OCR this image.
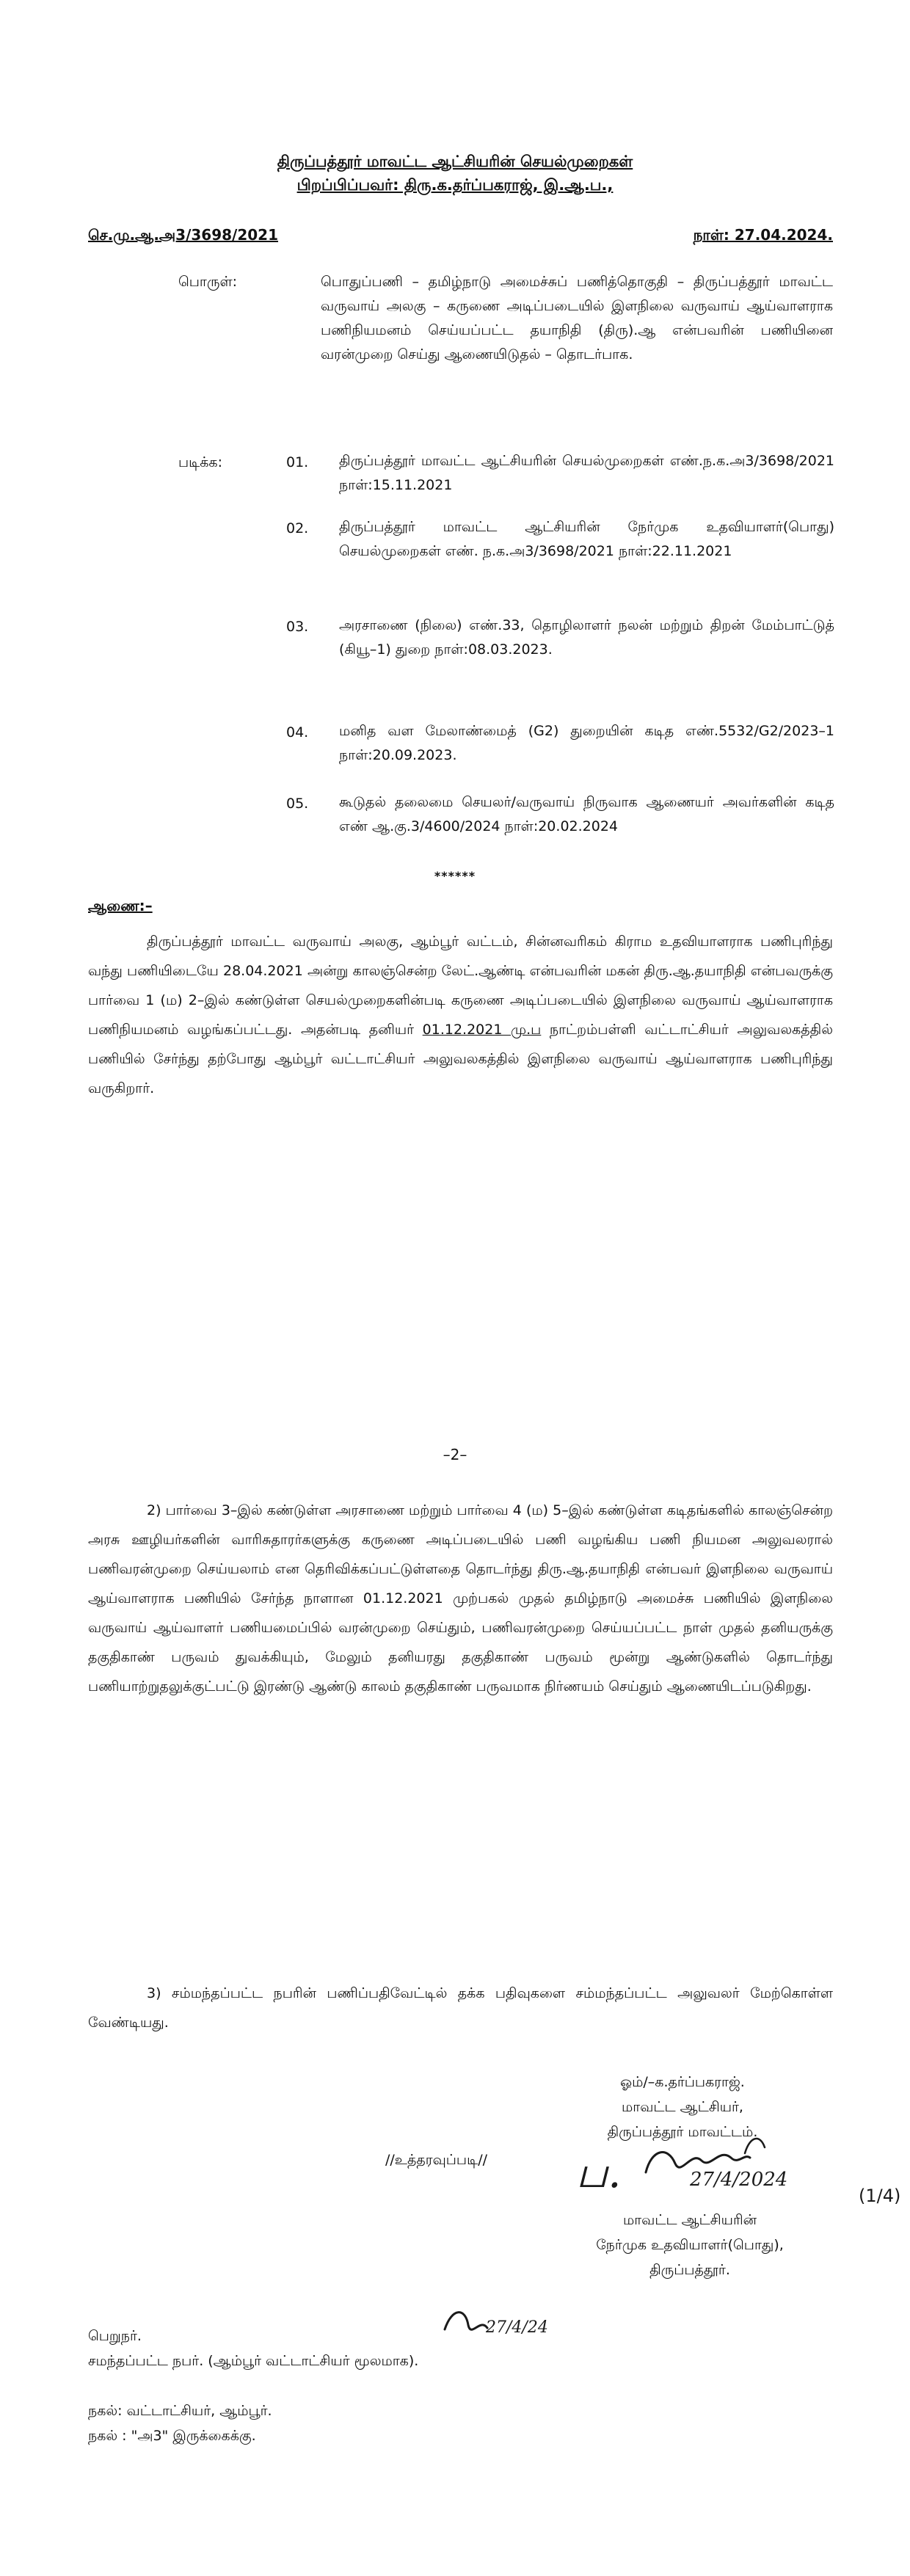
திருப்பத்தூர் மாவட்ட ஆட்சியரின் செயல்முறைகள்
பிறப்பிப்பவர்: திரு.க.தர்ப்பகராஜ், இ.ஆ.ப.,
செ.மு.ஆ.அ3/3698/2021	நாள்: 27.04.2024.
பொருள்:	பொதுப்பணி – தமிழ்நாடு அமைச்சுப் பணித்தொகுதி – திருப்பத்தூர் மாவட்ட வருவாய் அலகு – கருணை அடிப்படையில் இளநிலை வருவாய் ஆய்வாளராக பணிநியமனம் செய்யப்பட்ட தயாநிதி (திரு).ஆ என்பவரின் பணியினை வரன்முறை செய்து ஆணையிடுதல் – தொடர்பாக.
படிக்க:	01. திருப்பத்தூர் மாவட்ட ஆட்சியரின் செயல்முறைகள் எண்.ந.க.அ3/3698/2021 நாள்:15.11.2021
02. திருப்பத்தூர் மாவட்ட ஆட்சியரின் நேர்முக உதவியாளர்(பொது) செயல்முறைகள் எண். ந.க.அ3/3698/2021 நாள்:22.11.2021
03. அரசாணை (நிலை) எண்.33, தொழிலாளர் நலன் மற்றும் திறன் மேம்பாட்டுத் (கியூ–1) துறை நாள்:08.03.2023.
04. மனித வள மேலாண்மைத் (G2) துறையின் கடித எண்.5532/G2/2023–1 நாள்:20.09.2023.
05. கூடுதல் தலைமை செயலர்/வருவாய் நிருவாக ஆணையர் அவர்களின் கடித எண் ஆ.கு.3/4600/2024 நாள்:20.02.2024
******
ஆணை:–
திருப்பத்தூர் மாவட்ட வருவாய் அலகு, ஆம்பூர் வட்டம், சின்னவரிகம் கிராம உதவியாளராக பணிபுரிந்து வந்து பணியிடையே 28.04.2021 அன்று காலஞ்சென்ற லேட்.ஆண்டி என்பவரின் மகன் திரு.ஆ.தயாநிதி என்பவருக்கு பார்வை 1 (ம) 2–இல் கண்டுள்ள செயல்முறைகளின்படி கருணை அடிப்படையில் இளநிலை வருவாய் ஆய்வாளராக பணிநியமனம் வழங்கப்பட்டது. அதன்படி தனியர் 01.12.2021 மு.ப நாட்றம்பள்ளி வட்டாட்சியர் அலுவலகத்தில் பணியில் சேர்ந்து தற்போது ஆம்பூர் வட்டாட்சியர் அலுவலகத்தில் இளநிலை வருவாய் ஆய்வாளராக பணிபுரிந்து வருகிறார்.
–2–
2) பார்வை 3–இல் கண்டுள்ள அரசாணை மற்றும் பார்வை 4 (ம) 5–இல் கண்டுள்ள கடிதங்களில் காலஞ்சென்ற அரசு ஊழியர்களின் வாரிசுதாரர்களுக்கு கருணை அடிப்படையில் பணி வழங்கிய பணி நியமன அலுவலரால் பணிவரன்முறை செய்யலாம் என தெரிவிக்கப்பட்டுள்ளதை தொடர்ந்து திரு.ஆ.தயாநிதி என்பவர் இளநிலை வருவாய் ஆய்வாளராக பணியில் சேர்ந்த நாளான 01.12.2021 முற்பகல் முதல் தமிழ்நாடு அமைச்சு பணியில் இளநிலை வருவாய் ஆய்வாளர் பணியமைப்பில் வரன்முறை செய்தும், பணிவரன்முறை செய்யப்பட்ட நாள் முதல் தனியருக்கு தகுதிகாண் பருவம் துவக்கியும், மேலும் தனியரது தகுதிகாண் பருவம் மூன்று ஆண்டுகளில் தொடர்ந்து பணியாற்றுதலுக்குட்பட்டு இரண்டு ஆண்டு காலம் தகுதிகாண் பருவமாக நிர்ணயம் செய்தும் ஆணையிடப்படுகிறது.
3) சம்மந்தப்பட்ட நபரின் பணிப்பதிவேட்டில் தக்க பதிவுகளை சம்மந்தப்பட்ட அலுவலர் மேற்கொள்ள வேண்டியது.
ஓம்/–க.தர்ப்பகராஜ்.
மாவட்ட ஆட்சியர்,
திருப்பத்தூர் மாவட்டம்.
//உத்தரவுப்படி// ப.	27/4/2024
(1/4)
மாவட்ட ஆட்சியரின்
நேர்முக உதவியாளர்(பொது),
திருப்பத்தூர்.
27/4/24
பெறுநர்.
சமந்தப்பட்ட நபர். (ஆம்பூர் வட்டாட்சியர் மூலமாக).
நகல்: வட்டாட்சியர், ஆம்பூர்.
நகல் : "அ3" இருக்கைக்கு.
